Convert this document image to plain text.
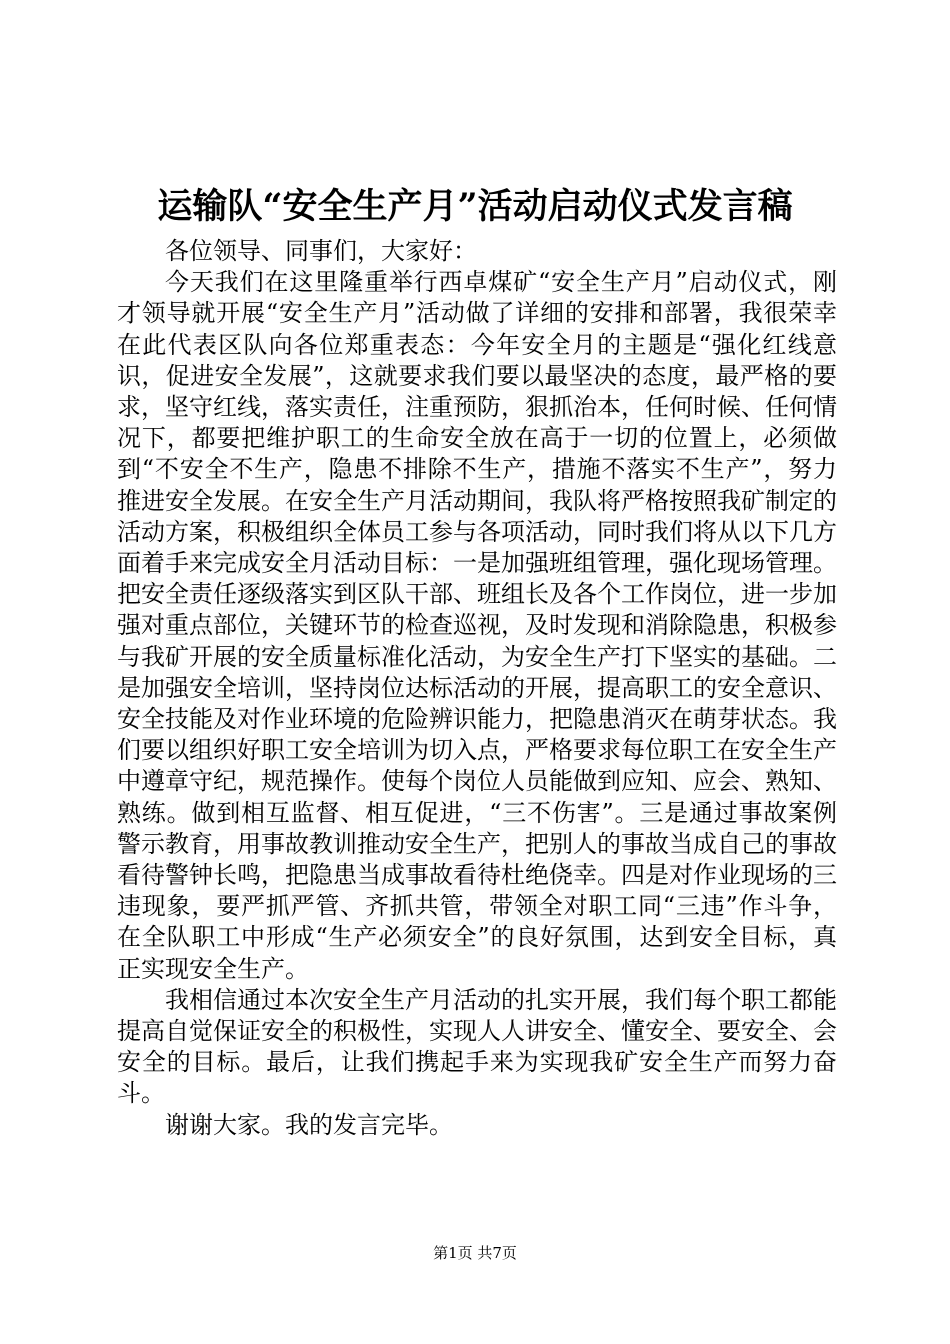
运输队“安全生产月”活动启动仪式发言稿

各位领导、同事们，大家好：

今天我们在这里隆重举行西卓煤矿“安全生产月”启动仪式，刚才领导就开展“安全生产月”活动做了详细的安排和部署，我很荣幸在此代表区队向各位郑重表态：今年安全月的主题是“强化红线意识，促进安全发展”，这就要求我们要以最坚决的态度，最严格的要求，坚守红线，落实责任，注重预防，狠抓治本，任何时候、任何情况下，都要把维护职工的生命安全放在高于一切的位置上，必须做到“不安全不生产，隐患不排除不生产，措施不落实不生产”，努力推进安全发展。在安全生产月活动期间，我队将严格按照我矿制定的活动方案，积极组织全体员工参与各项活动，同时我们将从以下几方面着手来完成安全月活动目标：一是加强班组管理，强化现场管理。把安全责任逐级落实到区队干部、班组长及各个工作岗位，进一步加强对重点部位，关键环节的检查巡视，及时发现和消除隐患，积极参与我矿开展的安全质量标准化活动，为安全生产打下坚实的基础。二是加强安全培训，坚持岗位达标活动的开展，提高职工的安全意识、安全技能及对作业环境的危险辨识能力，把隐患消灭在萌芽状态。我们要以组织好职工安全培训为切入点，严格要求每位职工在安全生产中遵章守纪，规范操作。使每个岗位人员能做到应知、应会、熟知、熟练。做到相互监督、相互促进，“三不伤害”。三是通过事故案例警示教育，用事故教训推动安全生产，把别人的事故当成自己的事故看待警钟长鸣，把隐患当成事故看待杜绝侥幸。四是对作业现场的三违现象，要严抓严管、齐抓共管，带领全对职工同“三违”作斗争，在全队职工中形成“生产必须安全”的良好氛围，达到安全目标，真正实现安全生产。

我相信通过本次安全生产月活动的扎实开展，我们每个职工都能提高自觉保证安全的积极性，实现人人讲安全、懂安全、要安全、会安全的目标。最后，让我们携起手来为实现我矿安全生产而努力奋斗。

谢谢大家。我的发言完毕。

第1页 共7页
